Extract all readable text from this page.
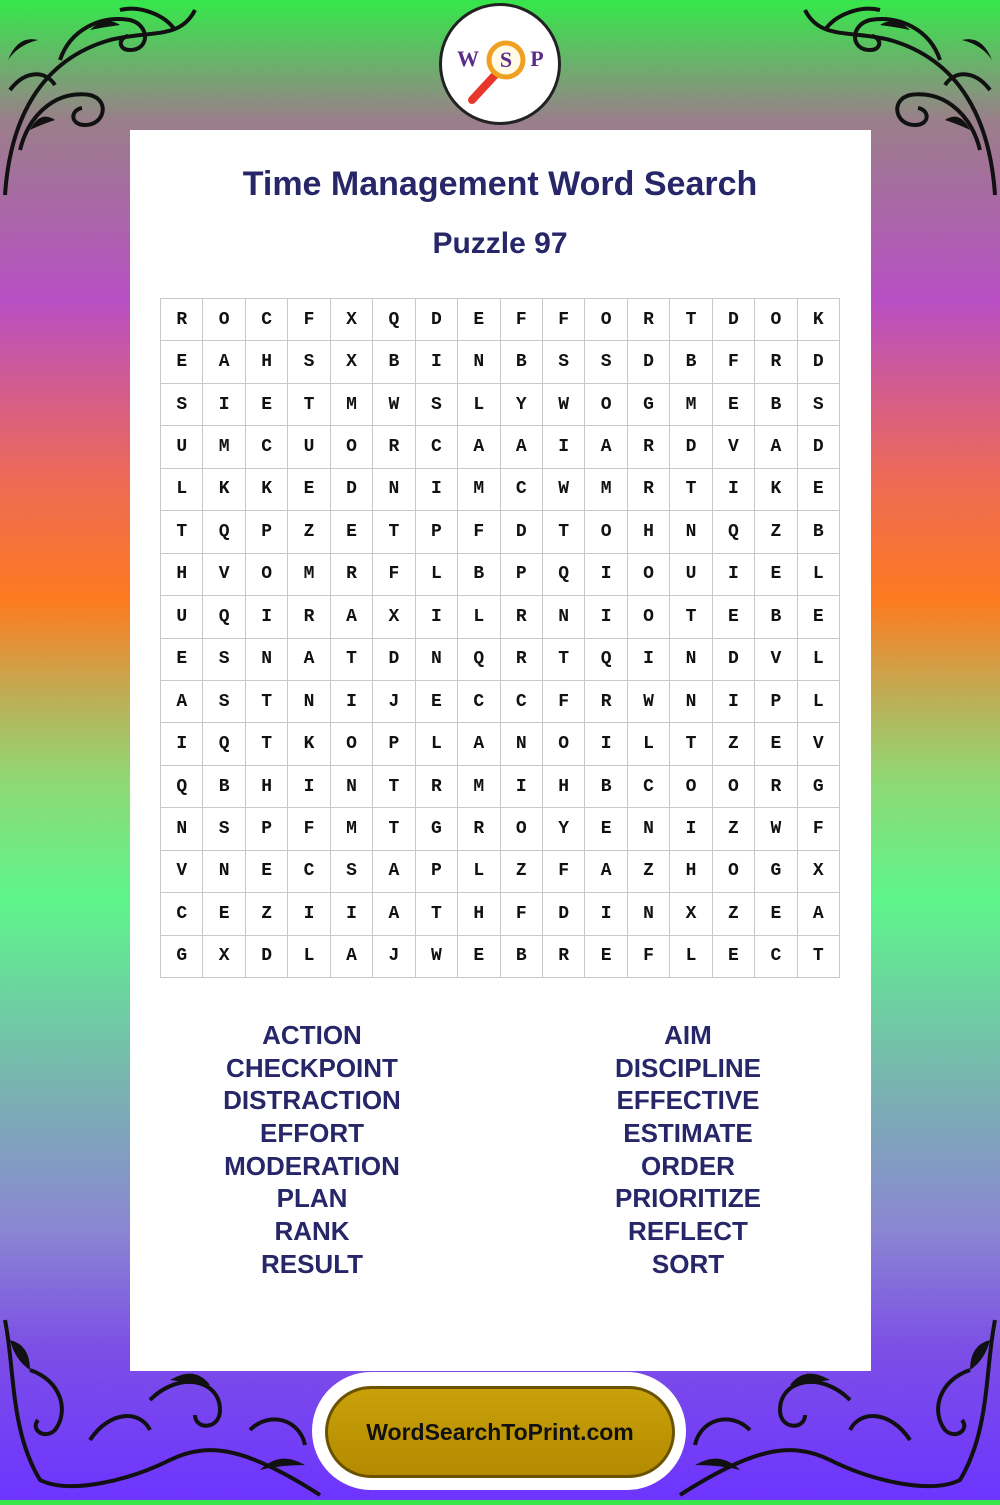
W S P
Time Management Word Search
Puzzle 97
R	O	C	F	X	Q	D	E	F	F	O	R	T	D	O	K
E	A	H	S	X	B	I	N	B	S	S	D	B	F	R	D
S	I	E	T	M	W	S	L	Y	W	O	G	M	E	B	S
U	M	C	U	O	R	C	A	A	I	A	R	D	V	A	D
L	K	K	E	D	N	I	M	C	W	M	R	T	I	K	E
T	Q	P	Z	E	T	P	F	D	T	O	H	N	Q	Z	B
H	V	O	M	R	F	L	B	P	Q	I	O	U	I	E	L
U	Q	I	R	A	X	I	L	R	N	I	O	T	E	B	E
E	S	N	A	T	D	N	Q	R	T	Q	I	N	D	V	L
A	S	T	N	I	J	E	C	C	F	R	W	N	I	P	L
I	Q	T	K	O	P	L	A	N	O	I	L	T	Z	E	V
Q	B	H	I	N	T	R	M	I	H	B	C	O	O	R	G
N	S	P	F	M	T	G	R	O	Y	E	N	I	Z	W	F
V	N	E	C	S	A	P	L	Z	F	A	Z	H	O	G	X
C	E	Z	I	I	A	T	H	F	D	I	N	X	Z	E	A
G	X	D	L	A	J	W	E	B	R	E	F	L	E	C	T
ACTION
CHECKPOINT
DISTRACTION
EFFORT
MODERATION
PLAN
RANK
RESULT
AIM
DISCIPLINE
EFFECTIVE
ESTIMATE
ORDER
PRIORITIZE
REFLECT
SORT
WordSearchToPrint.com
